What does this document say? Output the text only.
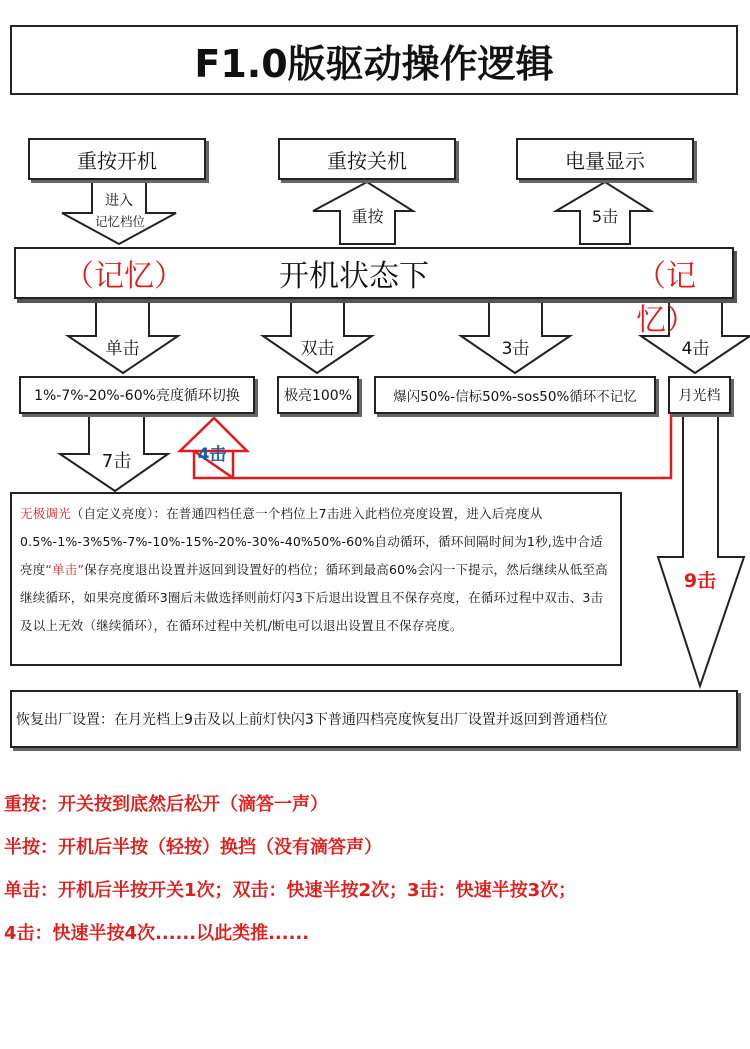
F1.0版驱动操作逻辑
重按开机	重按关机	电量显示
进入
记忆档位	重按	5击
（记忆）	开机状态下	（记忆）
单击	双击	3击	4击
1%-7%-20%-60%亮度循环切换	极亮100%	爆闪50%-信标50%-sos50%循环不记忆	月光档
7击	4击
9击
无极调光（自定义亮度）：在普通四档任意一个档位上7击进入此档位亮度设置，进入后亮度从0.5%-1%-3%5%-7%-10%-15%-20%-30%-40%50%-60%自动循环，循环间隔时间为1秒,选中合适亮度“单击”保存亮度退出设置并返回到设置好的档位；循环到最高60%会闪一下提示，然后继续从低至高继续循环，如果亮度循环3圈后未做选择则前灯闪3下后退出设置且不保存亮度，在循环过程中双击、3击及以上无效（继续循环），在循环过程中关机/断电可以退出设置且不保存亮度。
恢复出厂设置：在月光档上9击及以上前灯快闪3下普通四档亮度恢复出厂设置并返回到普通档位
重按：开关按到底然后松开（滴答一声）
半按：开机后半按（轻按）换挡（没有滴答声）
单击：开机后半按开关1次；双击：快速半按2次；3击：快速半按3次；
4击：快速半按4次......以此类推......
